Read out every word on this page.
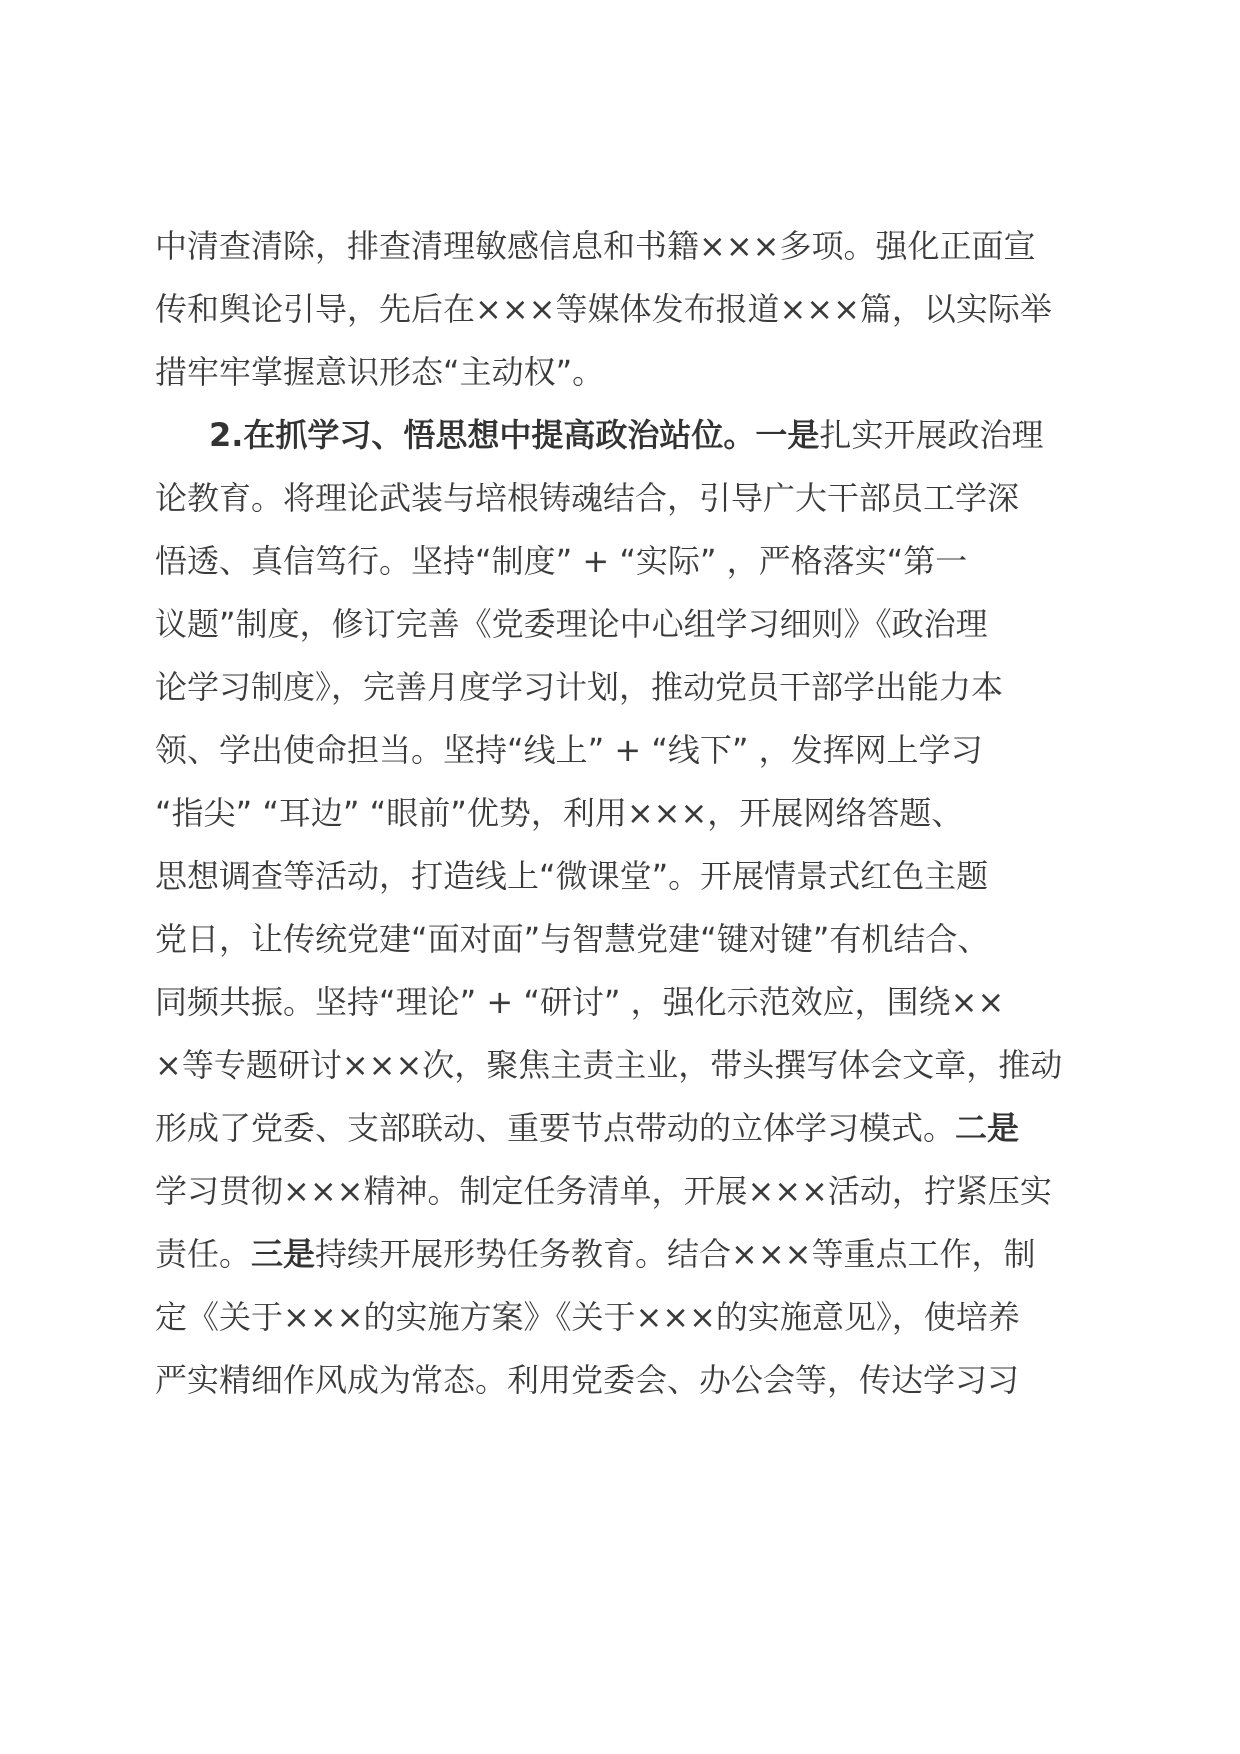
中清查清除，排查清理敏感信息和书籍×××多项。强化正面宣
传和舆论引导，先后在×××等媒体发布报道×××篇，以实际举
措牢牢掌握意识形态“主动权”。
2.在抓学习、悟思想中提高政治站位。一是扎实开展政治理
论教育。将理论武装与培根铸魂结合，引导广大干部员工学深
悟透、真信笃行。坚持“制度” + “实际” ，严格落实“第一
议题”制度，修订完善《党委理论中心组学习细则》《政治理
论学习制度》，完善月度学习计划，推动党员干部学出能力本
领、学出使命担当。坚持“线上” + “线下” ，发挥网上学习
“指尖” “耳边” “眼前”优势，利用×××，开展网络答题、
思想调查等活动，打造线上“微课堂”。开展情景式红色主题
党日，让传统党建“面对面”与智慧党建“键对键”有机结合、
同频共振。坚持“理论” + “研讨” ，强化示范效应，围绕××
×等专题研讨×××次，聚焦主责主业，带头撰写体会文章，推动
形成了党委、支部联动、重要节点带动的立体学习模式。二是
学习贯彻×××精神。制定任务清单，开展×××活动，拧紧压实
责任。三是持续开展形势任务教育。结合×××等重点工作，制
定《关于×××的实施方案》《关于×××的实施意见》，使培养
严实精细作风成为常态。利用党委会、办公会等，传达学习习
